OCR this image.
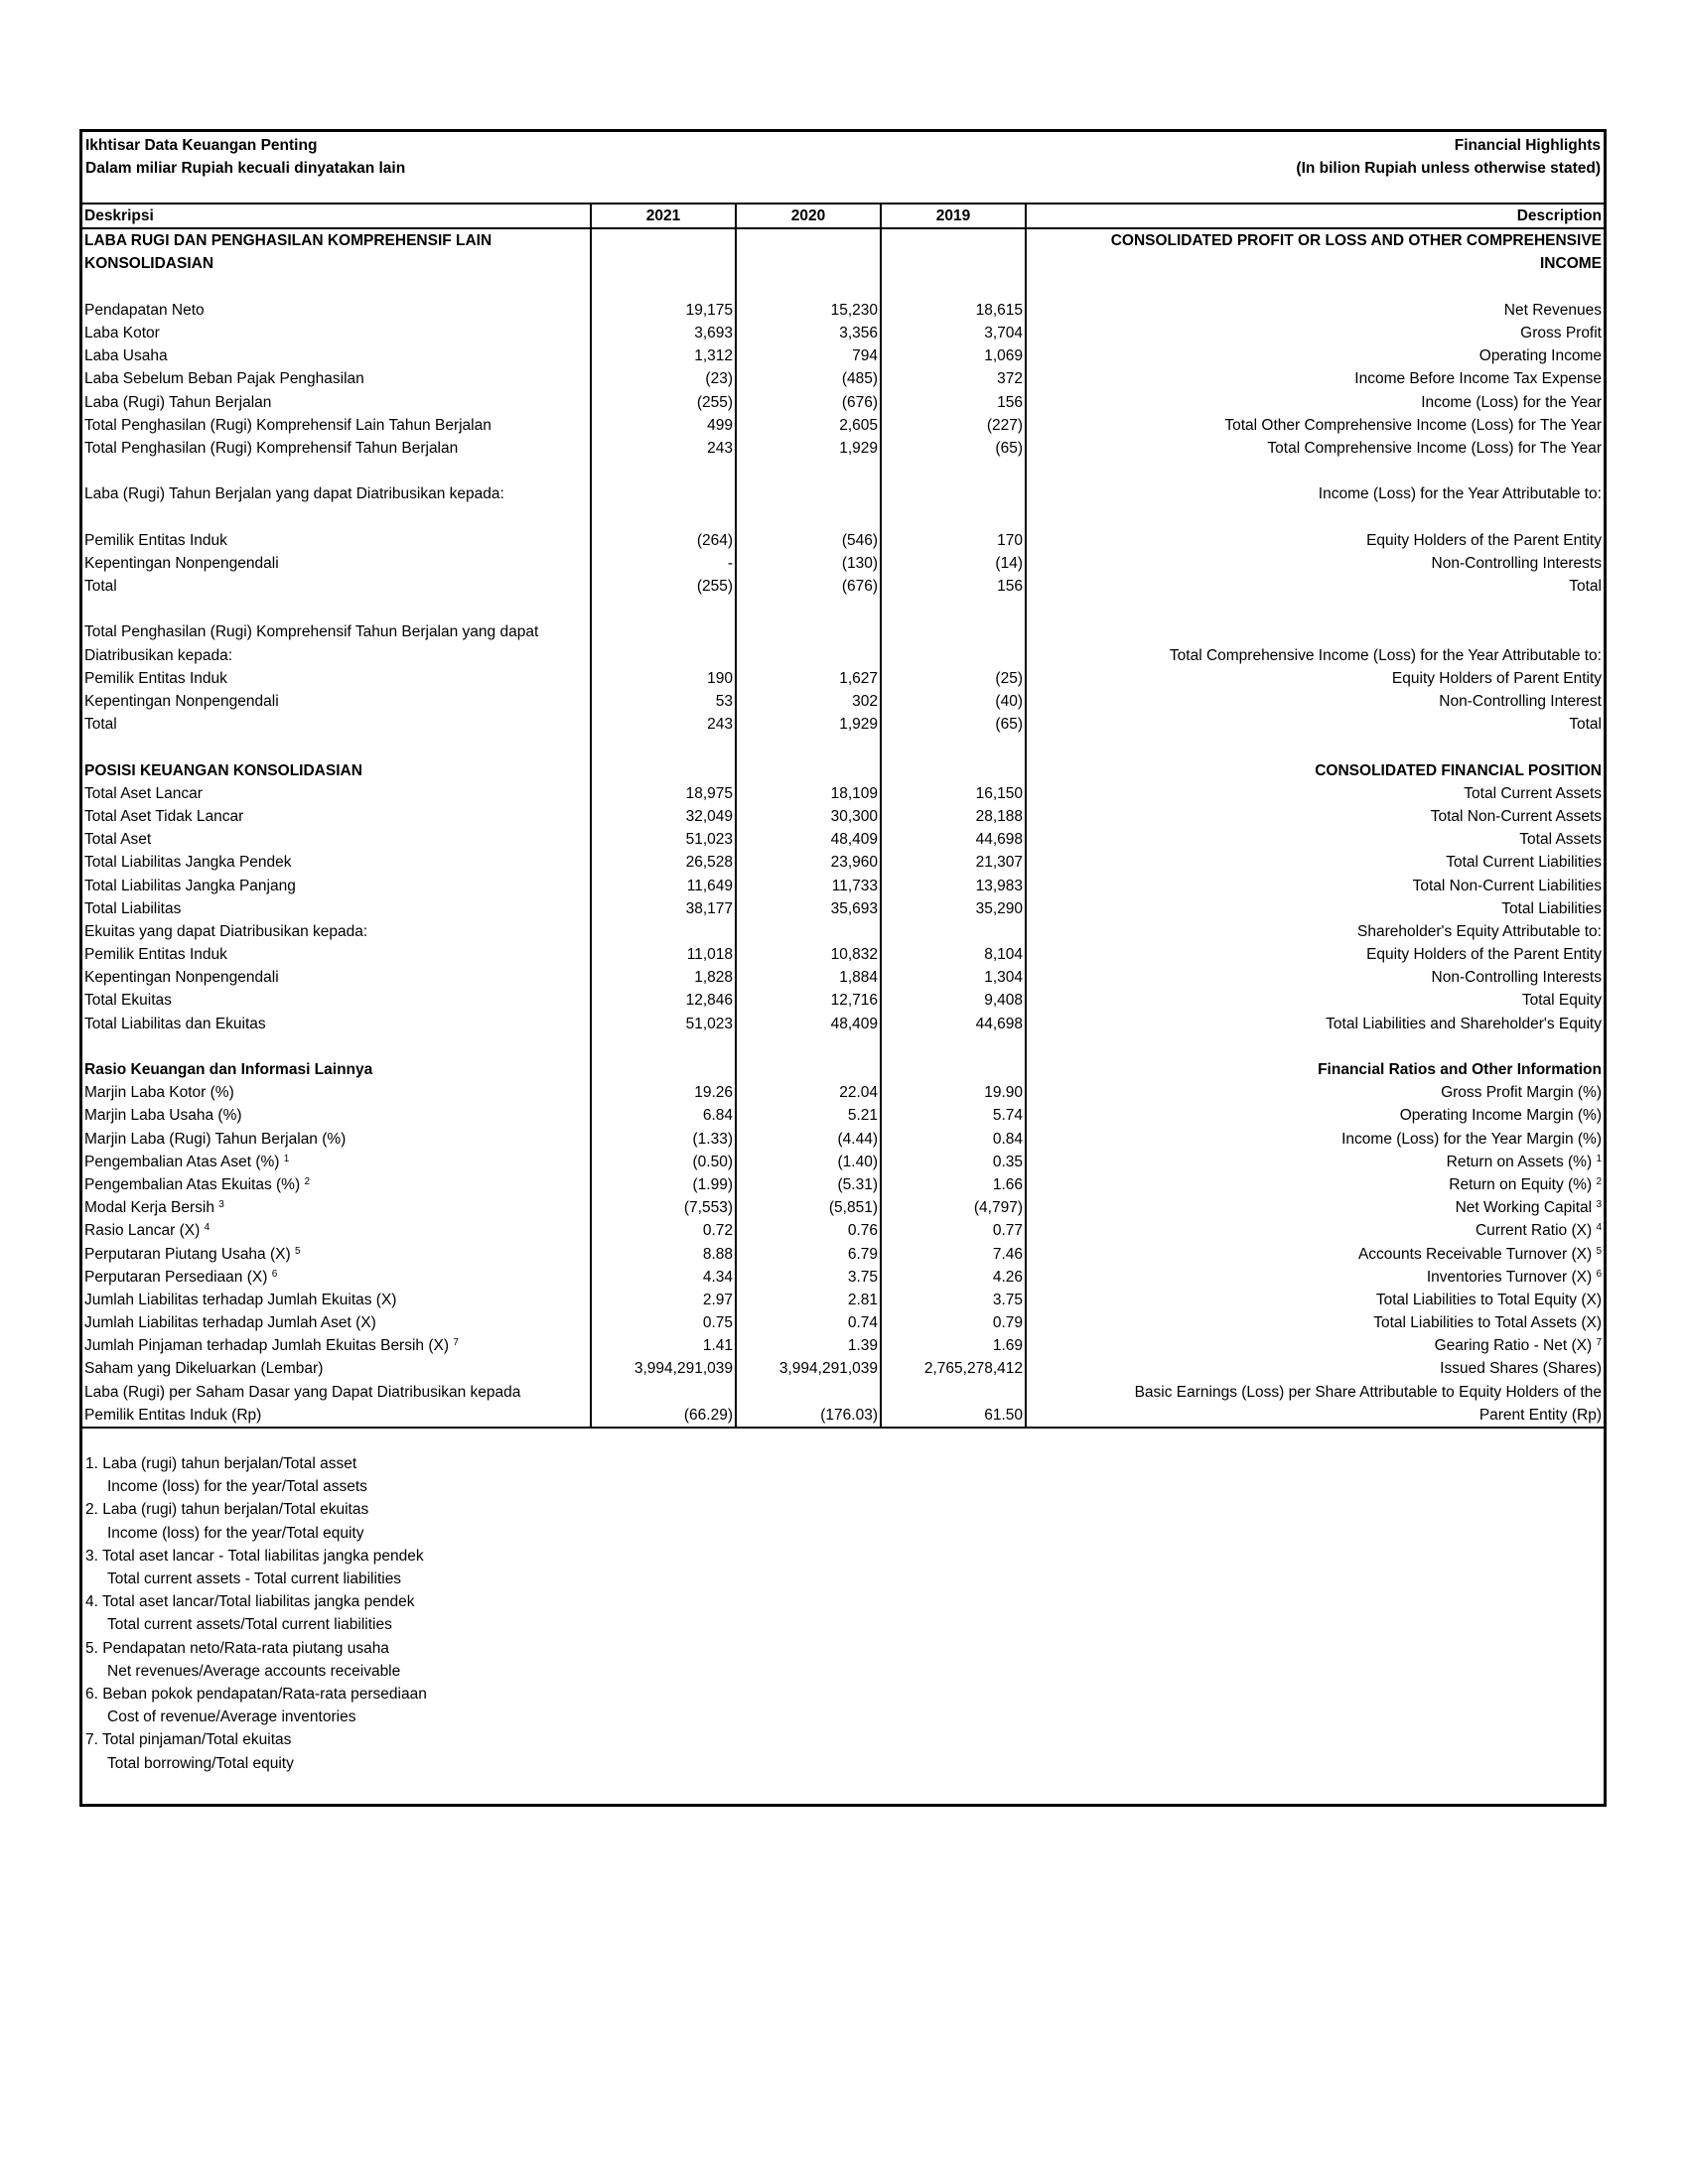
Ikhtisar Data Keuangan Penting	Financial Highlights
Dalam miliar Rupiah kecuali dinyatakan lain	(In bilion Rupiah unless otherwise stated)
Deskripsi	2021	2020	2019	Description
LABA RUGI DAN PENGHASILAN KOMPREHENSIF LAIN				CONSOLIDATED PROFIT OR LOSS AND OTHER COMPREHENSIVE
KONSOLIDASIAN				INCOME

Pendapatan Neto	19,175	15,230	18,615	Net Revenues
Laba Kotor	3,693	3,356	3,704	Gross Profit
Laba Usaha	1,312	794	1,069	Operating Income
Laba Sebelum Beban Pajak Penghasilan	(23)	(485)	372	Income Before Income Tax Expense
Laba (Rugi) Tahun Berjalan	(255)	(676)	156	Income (Loss) for the Year
Total Penghasilan (Rugi) Komprehensif Lain Tahun Berjalan	499	2,605	(227)	Total Other Comprehensive Income (Loss) for The Year
Total Penghasilan (Rugi) Komprehensif Tahun Berjalan	243	1,929	(65)	Total Comprehensive Income (Loss) for The Year

Laba (Rugi) Tahun Berjalan yang dapat Diatribusikan kepada:				Income (Loss) for the Year Attributable to:

Pemilik Entitas Induk	(264)	(546)	170	Equity Holders of the Parent Entity
Kepentingan Nonpengendali	-	(130)	(14)	Non-Controlling Interests
Total	(255)	(676)	156	Total

Total Penghasilan (Rugi) Komprehensif Tahun Berjalan yang dapat				
Diatribusikan kepada:				Total Comprehensive Income (Loss) for the Year Attributable to:
Pemilik Entitas Induk	190	1,627	(25)	Equity Holders of Parent Entity
Kepentingan Nonpengendali	53	302	(40)	Non-Controlling Interest
Total	243	1,929	(65)	Total

POSISI KEUANGAN KONSOLIDASIAN				CONSOLIDATED FINANCIAL POSITION
Total Aset Lancar	18,975	18,109	16,150	Total Current Assets
Total Aset Tidak Lancar	32,049	30,300	28,188	Total Non-Current Assets
Total Aset	51,023	48,409	44,698	Total Assets
Total Liabilitas Jangka Pendek	26,528	23,960	21,307	Total Current Liabilities
Total Liabilitas Jangka Panjang	11,649	11,733	13,983	Total Non-Current Liabilities
Total Liabilitas	38,177	35,693	35,290	Total Liabilities
Ekuitas yang dapat Diatribusikan kepada:				Shareholder's Equity Attributable to:
Pemilik Entitas Induk	11,018	10,832	8,104	Equity Holders of the Parent Entity
Kepentingan Nonpengendali	1,828	1,884	1,304	Non-Controlling Interests
Total Ekuitas	12,846	12,716	9,408	Total Equity
Total Liabilitas dan Ekuitas	51,023	48,409	44,698	Total Liabilities and Shareholder's Equity

Rasio Keuangan dan Informasi Lainnya				Financial Ratios and Other Information
Marjin Laba Kotor (%)	19.26	22.04	19.90	Gross Profit Margin (%)
Marjin Laba Usaha (%)	6.84	5.21	5.74	Operating Income Margin (%)
Marjin Laba (Rugi) Tahun Berjalan (%)	(1.33)	(4.44)	0.84	Income (Loss) for the Year Margin (%)
Pengembalian Atas Aset (%) $^1$	(0.50)	(1.40)	0.35	Return on Assets (%) $^1$
Pengembalian Atas Ekuitas (%) $^2$	(1.99)	(5.31)	1.66	Return on Equity (%) $^2$
Modal Kerja Bersih $^3$	(7,553)	(5,851)	(4,797)	Net Working Capital $^3$
Rasio Lancar (X) $^4$	0.72	0.76	0.77	Current Ratio (X) $^4$
Perputaran Piutang Usaha (X) $^5$	8.88	6.79	7.46	Accounts Receivable Turnover (X) $^5$
Perputaran Persediaan (X) $^6$	4.34	3.75	4.26	Inventories Turnover (X) $^6$
Jumlah Liabilitas terhadap Jumlah Ekuitas (X)	2.97	2.81	3.75	Total Liabilities to Total Equity (X)
Jumlah Liabilitas terhadap Jumlah Aset (X)	0.75	0.74	0.79	Total Liabilities to Total Assets (X)
Jumlah Pinjaman terhadap Jumlah Ekuitas Bersih (X) $^7$	1.41	1.39	1.69	Gearing Ratio - Net (X) $^7$
Saham yang Dikeluarkan (Lembar)	3,994,291,039	3,994,291,039	2,765,278,412	Issued Shares (Shares)
Laba (Rugi) per Saham Dasar yang Dapat Diatribusikan kepada				Basic Earnings (Loss) per Share Attributable to Equity Holders of the
Pemilik Entitas Induk (Rp)	(66.29)	(176.03)	61.50	Parent Entity (Rp)
1. Laba (rugi) tahun berjalan/Total asset
Income (loss) for the year/Total assets
2. Laba (rugi) tahun berjalan/Total ekuitas
Income (loss) for the year/Total equity
3. Total aset lancar - Total liabilitas jangka pendek
Total current assets - Total current liabilities
4. Total aset lancar/Total liabilitas jangka pendek
Total current assets/Total current liabilities
5. Pendapatan neto/Rata-rata piutang usaha
Net revenues/Average accounts receivable
6. Beban pokok pendapatan/Rata-rata persediaan
Cost of revenue/Average inventories
7. Total pinjaman/Total ekuitas
Total borrowing/Total equity
